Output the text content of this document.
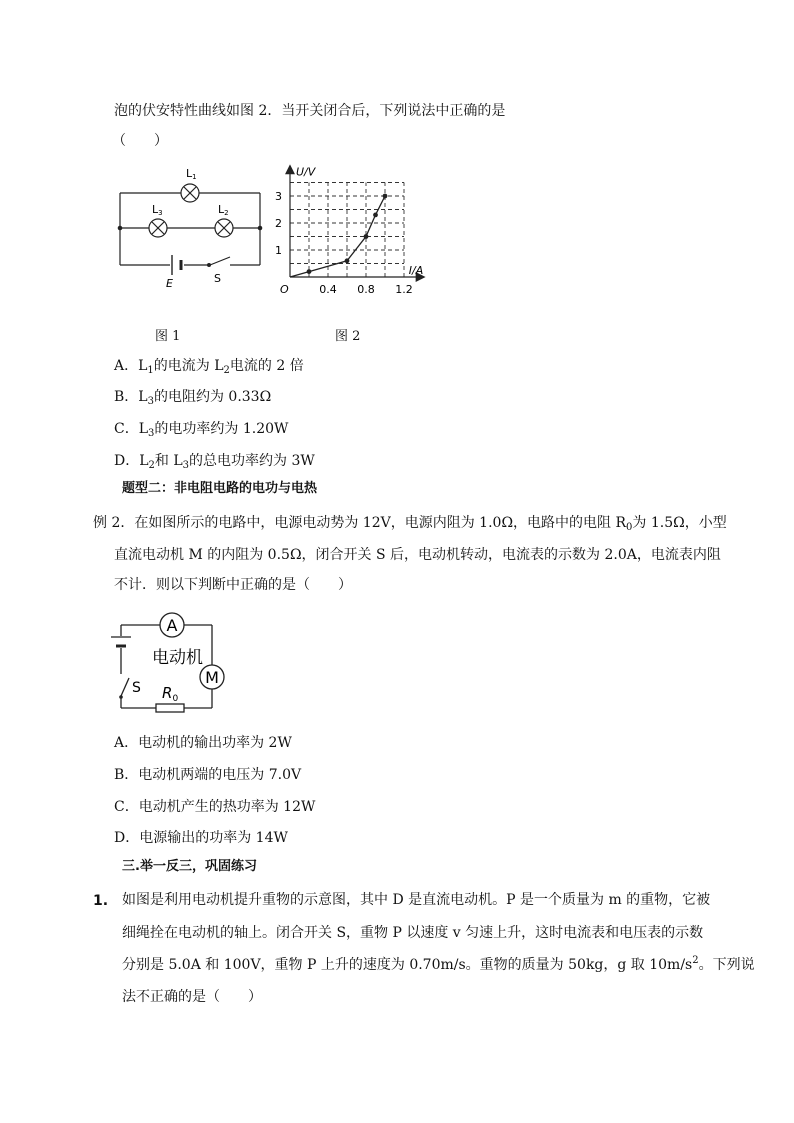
泡的伏安特性曲线如图 2．当开关闭合后，下列说法中正确的是
（　　）
L1
L3	L2
E	S
0.4 0.8 1.2
1
2
3
O
I/A
U/V
图 1	图 2
A．$L_1$的电流为 $L_2$电流的 2 倍
B．$L_3$的电阻约为 0.33Ω
C．$L_3$的电功率约为 1.20W
D．$L_2$和 $L_3$的总电功率约为 3W
题型二：非电阻电路的电功与电热
例 2．在如图所示的电路中，电源电动势为 12V，电源内阻为 1.0Ω，电路中的电阻 $R_0$为 1.5Ω，小型
直流电动机 M 的内阻为 0.5Ω，闭合开关 S 后，电动机转动，电流表的示数为 2.0A，电流表内阻
不计．则以下判断中正确的是（　　）
A
M
电动机
S $R_0$
A．电动机的输出功率为 2W
B．电动机两端的电压为 7.0V
C．电动机产生的热功率为 12W
D．电源输出的功率为 14W
三.举一反三，巩固练习
1. 如图是利用电动机提升重物的示意图，其中 D 是直流电动机。P 是一个质量为 m 的重物，它被
细绳拴在电动机的轴上。闭合开关 S，重物 P 以速度 v 匀速上升，这时电流表和电压表的示数
分别是 5.0A 和 100V，重物 P 上升的速度为 0.70m/s。重物的质量为 50kg，g 取 $10m/s^2$。下列说
法不正确的是（　　）
